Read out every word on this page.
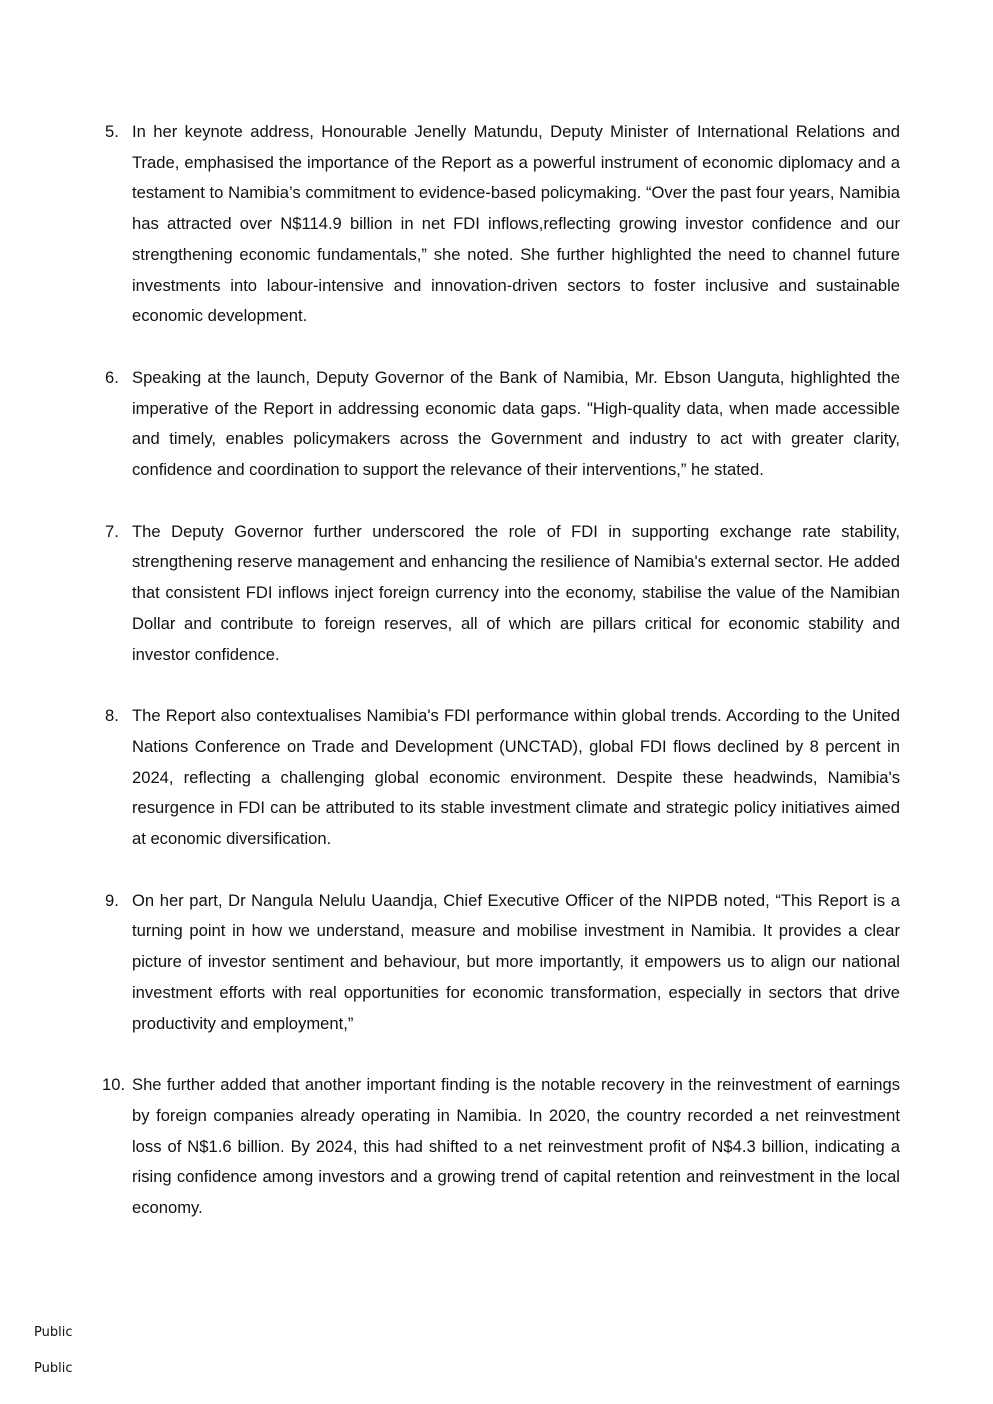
5. In her keynote address, Honourable Jenelly Matundu, Deputy Minister of International Relations and Trade, emphasised the importance of the Report as a powerful instrument of economic diplomacy and a testament to Namibia’s commitment to evidence-based policymaking. “Over the past four years, Namibia has attracted over N$114.9 billion in net FDI inflows,reflecting growing investor confidence and our strengthening economic fundamentals,” she noted. She further highlighted the need to channel future investments into labour-intensive and innovation-driven sectors to foster inclusive and sustainable economic development.
6. Speaking at the launch, Deputy Governor of the Bank of Namibia, Mr. Ebson Uanguta, highlighted the imperative of the Report in addressing economic data gaps. "High-quality data, when made accessible and timely, enables policymakers across the Government and industry to act with greater clarity, confidence and coordination to support the relevance of their interventions,” he stated.
7. The Deputy Governor further underscored the role of FDI in supporting exchange rate stability, strengthening reserve management and enhancing the resilience of Namibia's external sector. He added that consistent FDI inflows inject foreign currency into the economy, stabilise the value of the Namibian Dollar and contribute to foreign reserves, all of which are pillars critical for economic stability and investor confidence.
8. The Report also contextualises Namibia's FDI performance within global trends. According to the United Nations Conference on Trade and Development (UNCTAD), global FDI flows declined by 8 percent in 2024, reflecting a challenging global economic environment. Despite these headwinds, Namibia's resurgence in FDI can be attributed to its stable investment climate and strategic policy initiatives aimed at economic diversification.
9. On her part, Dr Nangula Nelulu Uaandja, Chief Executive Officer of the NIPDB noted, “This Report is a turning point in how we understand, measure and mobilise investment in Namibia. It provides a clear picture of investor sentiment and behaviour, but more importantly, it empowers us to align our national investment efforts with real opportunities for economic transformation, especially in sectors that drive productivity and employment,”
10. She further added that another important finding is the notable recovery in the reinvestment of earnings by foreign companies already operating in Namibia. In 2020, the country recorded a net reinvestment loss of N$1.6 billion. By 2024, this had shifted to a net reinvestment profit of N$4.3 billion, indicating a rising confidence among investors and a growing trend of capital retention and reinvestment in the local economy.
Public
Public
